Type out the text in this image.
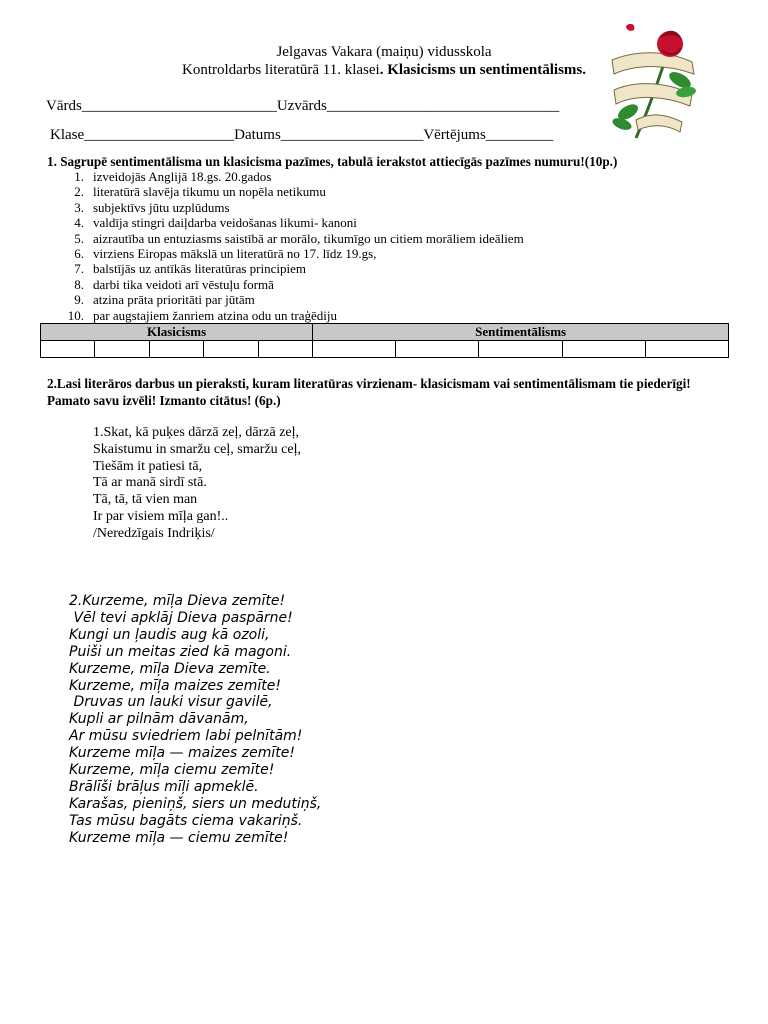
Jelgavas Vakara (maiņu) vidusskola
Kontroldarbs literatūrā 11. klasei. Klasicisms un sentimentālisms.
Vārds__________________________Uzvārds_______________________________
Klase____________________Datums___________________Vērtējums_________
1. Sagrupē sentimentālisma un klasicisma pazīmes, tabulā ierakstot attiecīgās pazīmes numuru!(10p.)
1. izveidojās Anglijā 18.gs. 20.gados
2. literatūrā slavēja tikumu un nopēla netikumu
3. subjektīvs jūtu uzplūdums
4. valdīja stingri daiļdarba veidošanas likumi- kanoni
5. aizrautība un entuziasms saistībā ar morālo, tikumīgo un citiem morāliem ideāliem
6. virziens Eiropas mākslā un literatūrā no 17. līdz 19.gs,
7. balstījās uz antīkās literatūras principiem
8. darbi tika veidoti arī vēstuļu formā
9. atzina prāta prioritāti par jūtām
10. par augstajiem žanriem atzina odu un traģēdiju
Klasicisms					Sentimentālisms				

2.Lasi literāros darbus un pieraksti, kuram literatūras virzienam- klasicismam vai sentimentālismam tie piederīgi! Pamato savu izvēli! Izmanto citātus! (6p.)
1.Skat, kā puķes dārzā zeļ, dārzā zeļ,
Skaistumu in smaržu ceļ, smaržu ceļ,
Tiešām it patiesi tā,
Tā ar manā sirdī stā.
Tā, tā, tā vien man
Ir par visiem mīļa gan!..
/Neredzīgais Indriķis/
2.Kurzeme, mīļa Dieva zemīte!
Vēl tevi apklāj Dieva paspārne!
Kungi un ļaudis aug kā ozoli,
Puiši un meitas zied kā magoni.
Kurzeme, mīļa Dieva zemīte.
Kurzeme, mīļa maizes zemīte!
Druvas un lauki visur gavilē,
Kupli ar pilnām dāvanām,
Ar mūsu sviedriem labi pelnītām!
Kurzeme mīļa — maizes zemīte!
Kurzeme, mīļa ciemu zemīte!
Brālīši brāļus mīļi apmeklē.
Karašas, pieniņš, siers un medutiņš,
Tas mūsu bagāts ciema vakariņš.
Kurzeme mīļa — ciemu zemīte!
